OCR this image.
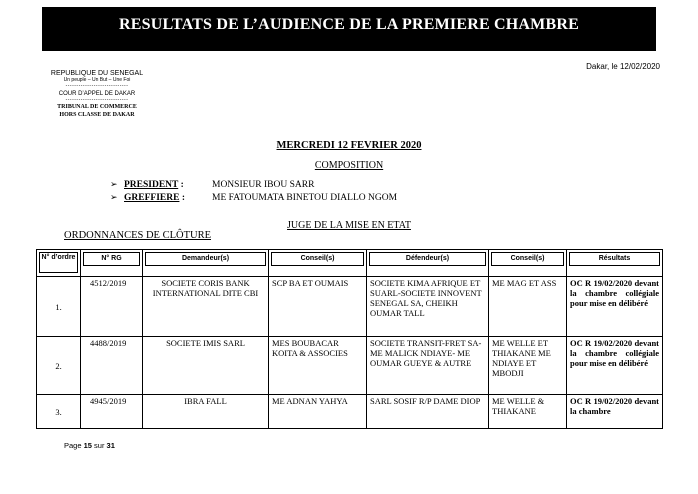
RESULTATS DE L’AUDIENCE DE LA PREMIERE CHAMBRE
Dakar, le 12/02/2020
REPUBLIQUE DU SENEGAL
Un peuple – Un But – Une Foi
-----------------------------
COUR D’APPEL DE DAKAR
-----------------------------
TRIBUNAL DE COMMERCE
HORS CLASSE DE DAKAR
MERCREDI 12 FEVRIER 2020
COMPOSITION
➢ PRESIDENT :	MONSIEUR IBOU SARR
➢ GREFFIERE :	ME FATOUMATA BINETOU DIALLO NGOM
JUGE DE LA MISE EN ETAT
ORDONNANCES DE CLÔTURE
N° d’ordre	N° RG	Demandeur(s)	Conseil(s)	Défendeur(s)	Conseil(s)	Résultats

1.	4512/2019	SOCIETE CORIS BANK INTERNATIONAL DITE CBI	SCP BA ET OUMAIS	SOCIETE KIMA AFRIQUE ET SUARL-SOCIETE INNOVENT SENEGAL SA, CHEIKH OUMAR TALL	ME MAG ET ASS	OC R 19/02/2020 devant la chambre collégiale pour mise en délibéré
2.	4488/2019	SOCIETE IMIS SARL	MES BOUBACAR KOITA & ASSOCIES	SOCIETE TRANSIT-FRET SA-ME MALICK NDIAYE- ME OUMAR GUEYE & AUTRE	ME WELLE ET THIAKANE ME NDIAYE ET MBODJI	OC R 19/02/2020 devant la chambre collégiale pour mise en délibéré
3.	4945/2019	IBRA FALL	ME ADNAN YAHYA	SARL SOSIF R/P DAME DIOP	ME WELLE & THIAKANE	OC R 19/02/2020 devant la chambre
Page 15 sur 31
